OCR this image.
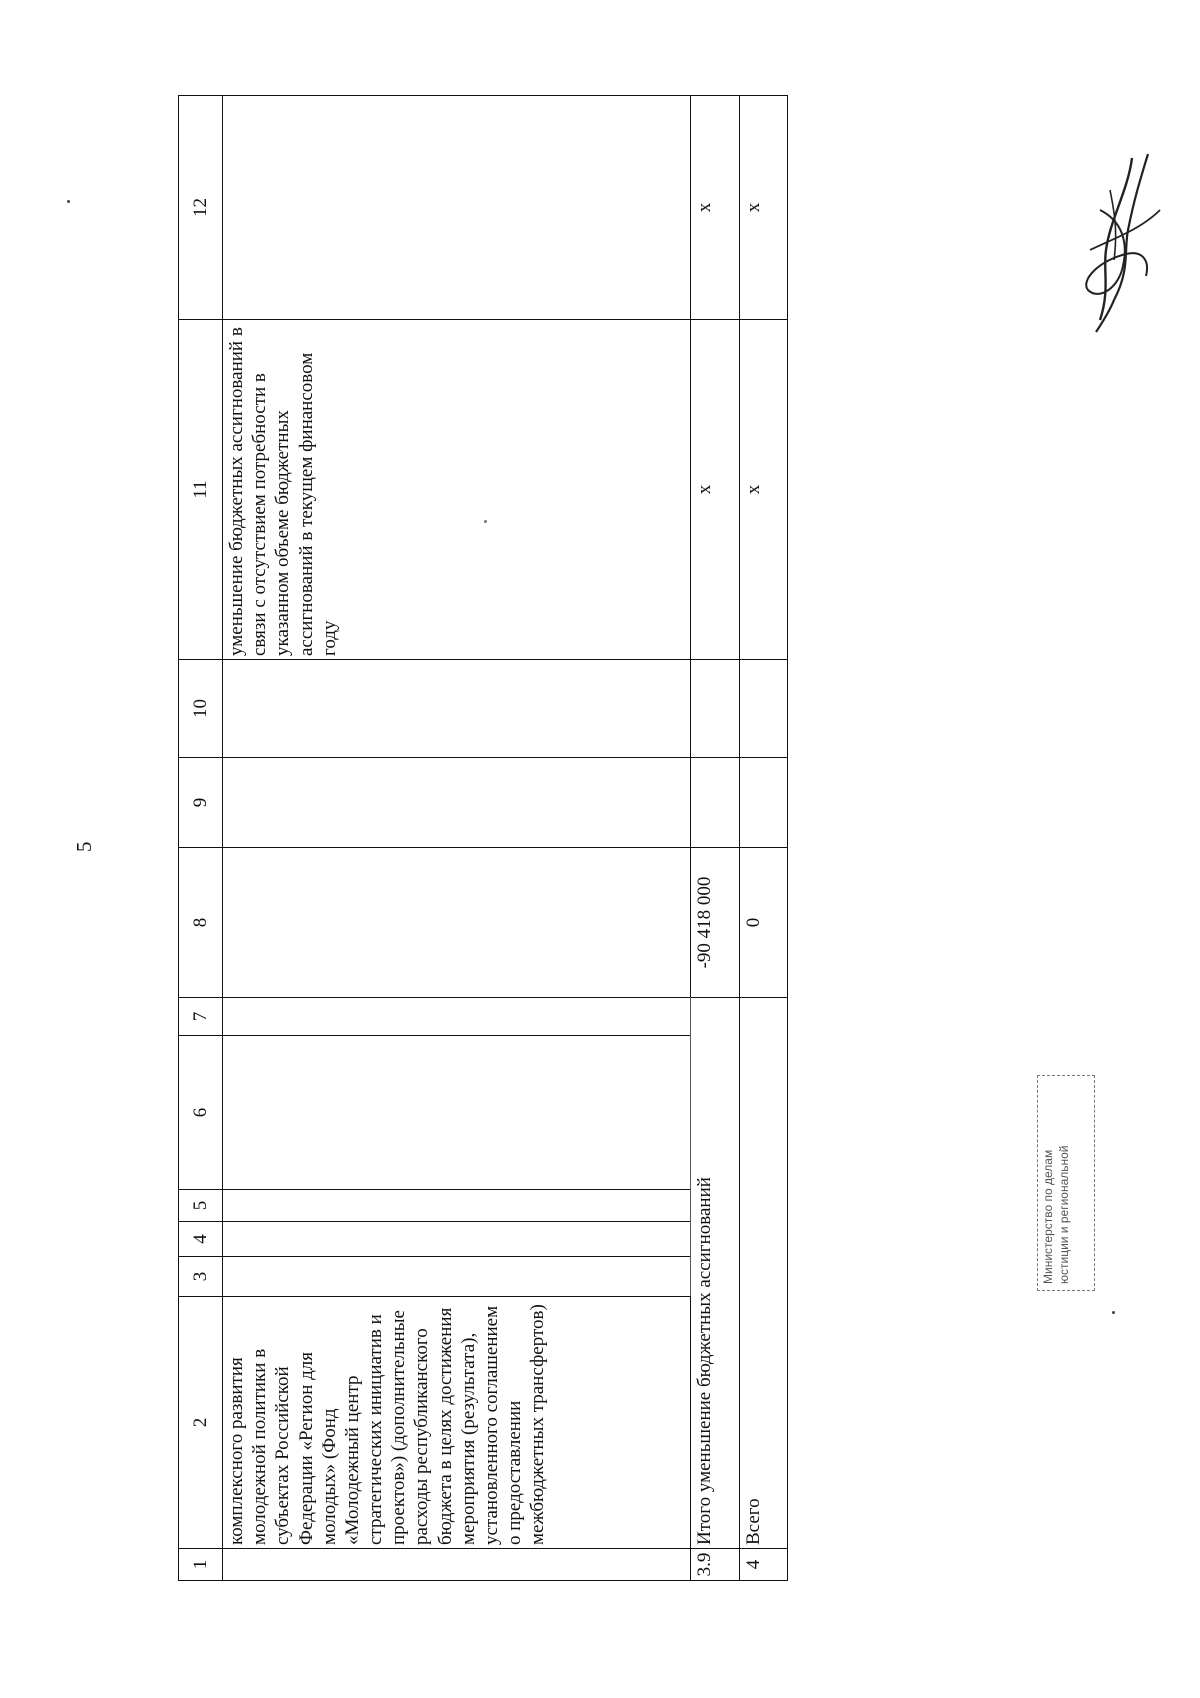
5
1	2	3	4	5	6	7	8	9	10	11	12
	комплексного развития молодежной политики в субъектах Российской Федерации «Регион для молодых» (Фонд «Молодежный центр стратегических инициатив и проектов») (дополнительные расходы республиканского бюджета в целях достижения мероприятия (результата), установленного соглашением о предоставлении межбюджетных трансфертов)									уменьшение бюджетных ассигнований в связи с отсутствием потребности в указанном объеме бюджетных ассигнований в текущем финансовом году	
3.9	Итого уменьшение бюджетных ассигнований						-90 418 000			x	x
4	Всего						0			x	x
Министерство по делам юстиции и региональной
